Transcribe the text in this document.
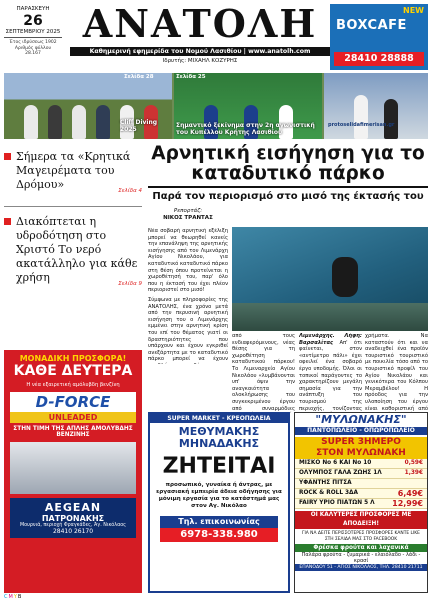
ΠΑΡΑΣΚΕΥΗ
26
ΣΕΠΤΕΜΒΡΙΟΥ 2025
Έτος ιδρύσεως 1902
Αριθμός φύλλου
28.167
ΑΝΑΤΟΛΗ
Καθημερινή εφημερίδα του Νομού Λασιθίου | www.anatolh.com
Ιδρυτής: ΜΙΧΑΗΛ ΚΟΖΥΡΗΣ
NEW
BOXCAFE
28410 28888
Σελίδα 28
Cliff Diving 2025
Σελίδα 25
Σημαντικό ξεκίνημα στην 2η αγωνιστική του Κυπέλλου Κρήτης Λασιθίου
protoselidafimerisan.gr
Σήμερα τα «Κρητικά Μαγειρέματα του Δρόμου»	Σελίδα 4
Διακόπτεται η υδροδότηση στο Χριστό Το νερό ακατάλληλο για κάθε χρήση	Σελίδα 9
Αρνητική εισήγηση για το καταδυτικό πάρκο
Παρά τον περιορισμό στο μισό της έκτασής του
Ρεπορτάζ:
ΝΙΚΟΣ ΤΡΑΝΤΑΣ

Νέα σοβαρή αρνητική εξέλιξη μπορεί να θεωρηθεί κανείς την επανάληψη της αρνητικής εισήγησης από τον Λιμενάρχη Αγίου Νικολάου, για καταδυτικό καταδυτικό πάρκο στη θέση όπου προτείνεται η χωροθέτησή του, παρ' όλο που η έκτασή του έχει πλέον περιοριστεί στο μισό!

Σύμφωνα με πληροφορίες της ΑΝΑΤΟΛΗΣ, ένα χρόνο μετά από την περυσινή αρνητική εισήγηση του ο Λιμενάρχης εμμένει στην αρνητική κρίση του επί του θέματος γιατί οι δραστηριότητες που υπάρχουν και έχουν εγκριθεί ανεξάρτητα με το καταδυτικό πάρκο μπορεί να έχουν

από τους ενδιαφερόμενους, νέας θέσης για τη χωροθέτηση καταδυτικού πάρκου! Το Λιμεναρχείο Αγίου Νικολάου «λυμβάνονται υπ' όψιν την αναγκαιότητα ολοκλήρωσης του συγκεκριμένου έργου από συναρμόδιες
Λιμενάρχης. Λήψη: Βαρσαλίτας Απ' ότι φαίνεται, στον «αντίμετρο πάλι» έχει οφειλεί ένα σοβαρό έργο υποδομής. Όλοι οι τοπικοί παράγοντες το χαρακτηρίζουν μεγάλη σημασία για την ανάπτυξη του τουρισμού της περιοχής, τονίζοντας
χρήματα. Να καταστούν ότι και να αναδειχθεί ένα προϊόν τουριστικό τουριστικό με ποικιλία τόσο από το τουριστικό προφίλ του Αγίου Νικολάου και γενικότερα του Κόλπου Μεραμβέλου! Η πρόοδος για την υλοποίηση του έργου είναι καθοριστική από
ΜΟΝΑΔΙΚΗ ΠΡΟΣΦΟΡΑ!
ΚΑΘΕ ΔΕΥΤΕΡΑ
Η νέα εξαιρετική αμόλυβδη βενζίνη
D-FORCE
UNLEADED
ΣΤΗΝ ΤΙΜΗ ΤΗΣ ΑΠΛΗΣ ΑΜΟΛΥΒΔΗΣ ΒΕΝΖΙΝΗΣ
AEGEAN
ΠΑΤΡΟΝΑΚΗΣ
Μουρνιά, περιοχή Φραγκάδες, Άγ. Νικόλαος
28410 26170
SUPER MARKET - ΚΡΕΟΠΩΛΕΙΑ
ΜΕΘΥΜΑΚΗΣ ΜΗΝΑΔΑΚΗΣ
ΖΗΤΕΙΤΑΙ
προσωπικό, γυναίκα ή άντρας, με εργασιακή εμπειρία άδεια οδήγησης για μόνιμη εργασία για το κατάστημά μας στον Αγ. Νικόλαο
Τηλ. επικοινωνίας
6978-338.980
"ΜΥΛΩΝΑΚΗΣ"
ΠΑΝΤΟΠΩΛΕΙΟ - ΟΠΩΡΟΠΩΛΕΙΟ
SUPER 3ΗΜΕΡΟ
ΣΤΟΝ ΜΥΛΩΝΑΚΗ
ΜΙΣΚΟ Νο 6 ΚΑΙ Νο 10	0,59€
ΟΛΥΜΠΟΣ ΓΑΛΑ ΖΩΗΣ 1Λ	1,39€
ΥΦΑΝΤΗΣ ΠΙΤΣΑ
ROCK & ROLL 3ΔΑ	6,49€
FAIRY YPIO ΠΙΑΤΩΝ 5 Λ 12,99€
ΟΙ ΚΑΛΥΤΕΡΕΣ ΠΡΟΣΦΟΡΕΣ ΜΕ ΑΠΟΔΕΙΞΗ!
ΓΙΑ ΝΑ ΔΕΙΤΕ ΠΕΡΙΣΣΟΤΕΡΕΣ ΠΡΟΣΦΟΡΕΣ ΚΑΝΤΕ LIKE ΣΤΗ ΣΕΛΙΔΑ ΜΑΣ ΣΤΟ FACEBOOK
Φρέσκα φρούτα και λαχανικά
Παλάρα φρούτα - ζυμαρικά - ελαιόλαδο - λάδι - κρασί
ΕΠΑΝΟΔΟΥ 51 - ΑΓΙΟΣ ΝΙΚΟΛΑΟΣ, ΤΗΛ. 28410 21711
CMYB
